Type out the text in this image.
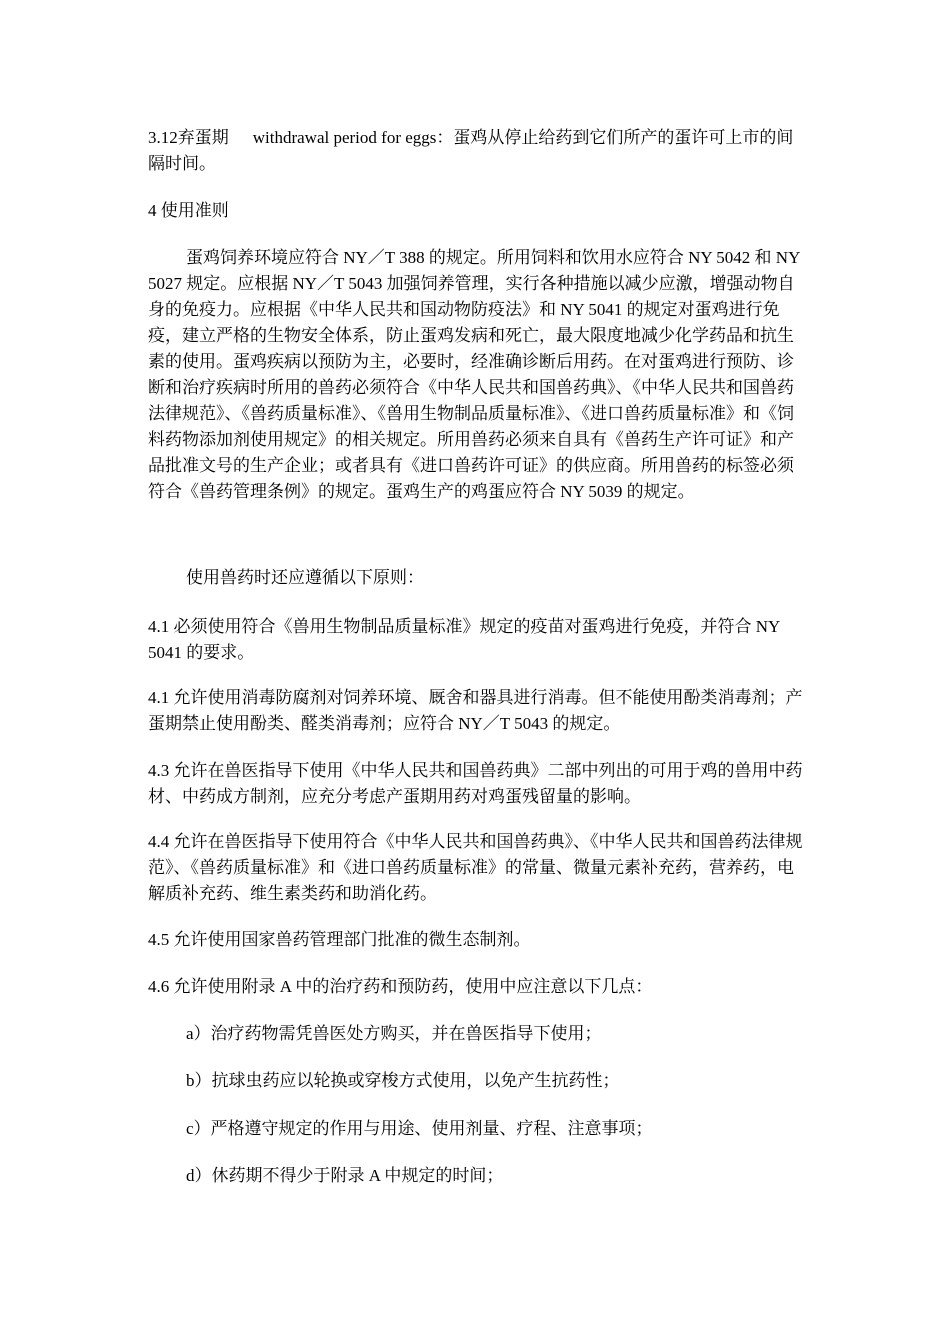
3.12弃蛋期 withdrawal period for eggs：蛋鸡从停止给药到它们所产的蛋许可上市的间隔时间。

4 使用准则

蛋鸡饲养环境应符合 NY／T 388 的规定。所用饲料和饮用水应符合 NY 5042 和 NY 5027 规定。应根据 NY／T 5043 加强饲养管理，实行各种措施以减少应激，增强动物自身的免疫力。应根据《中华人民共和国动物防疫法》和 NY 5041 的规定对蛋鸡进行免疫，建立严格的生物安全体系，防止蛋鸡发病和死亡，最大限度地减少化学药品和抗生素的使用。蛋鸡疾病以预防为主，必要时，经准确诊断后用药。在对蛋鸡进行预防、诊断和治疗疾病时所用的兽药必须符合《中华人民共和国兽药典》、《中华人民共和国兽药法律规范》、《兽药质量标准》、《兽用生物制品质量标准》、《进口兽药质量标准》和《饲料药物添加剂使用规定》的相关规定。所用兽药必须来自具有《兽药生产许可证》和产品批准文号的生产企业；或者具有《进口兽药许可证》的供应商。所用兽药的标签必须符合《兽药管理条例》的规定。蛋鸡生产的鸡蛋应符合 NY 5039 的规定。

使用兽药时还应遵循以下原则：

4.1 必须使用符合《兽用生物制品质量标准》规定的疫苗对蛋鸡进行免疫，并符合 NY 5041 的要求。

4.1 允许使用消毒防腐剂对饲养环境、厩舍和器具进行消毒。但不能使用酚类消毒剂；产蛋期禁止使用酚类、醛类消毒剂；应符合 NY／T 5043 的规定。

4.3 允许在兽医指导下使用《中华人民共和国兽药典》二部中列出的可用于鸡的兽用中药材、中药成方制剂，应充分考虑产蛋期用药对鸡蛋残留量的影响。

4.4 允许在兽医指导下使用符合《中华人民共和国兽药典》、《中华人民共和国兽药法律规范》、《兽药质量标准》和《进口兽药质量标准》的常量、微量元素补充药，营养药，电解质补充药、维生素类药和助消化药。

4.5 允许使用国家兽药管理部门批准的微生态制剂。

4.6 允许使用附录 A 中的治疗药和预防药，使用中应注意以下几点：

a）治疗药物需凭兽医处方购买，并在兽医指导下使用；

b）抗球虫药应以轮换或穿梭方式使用，以免产生抗药性；

c）严格遵守规定的作用与用途、使用剂量、疗程、注意事项；

d）休药期不得少于附录 A 中规定的时间；
